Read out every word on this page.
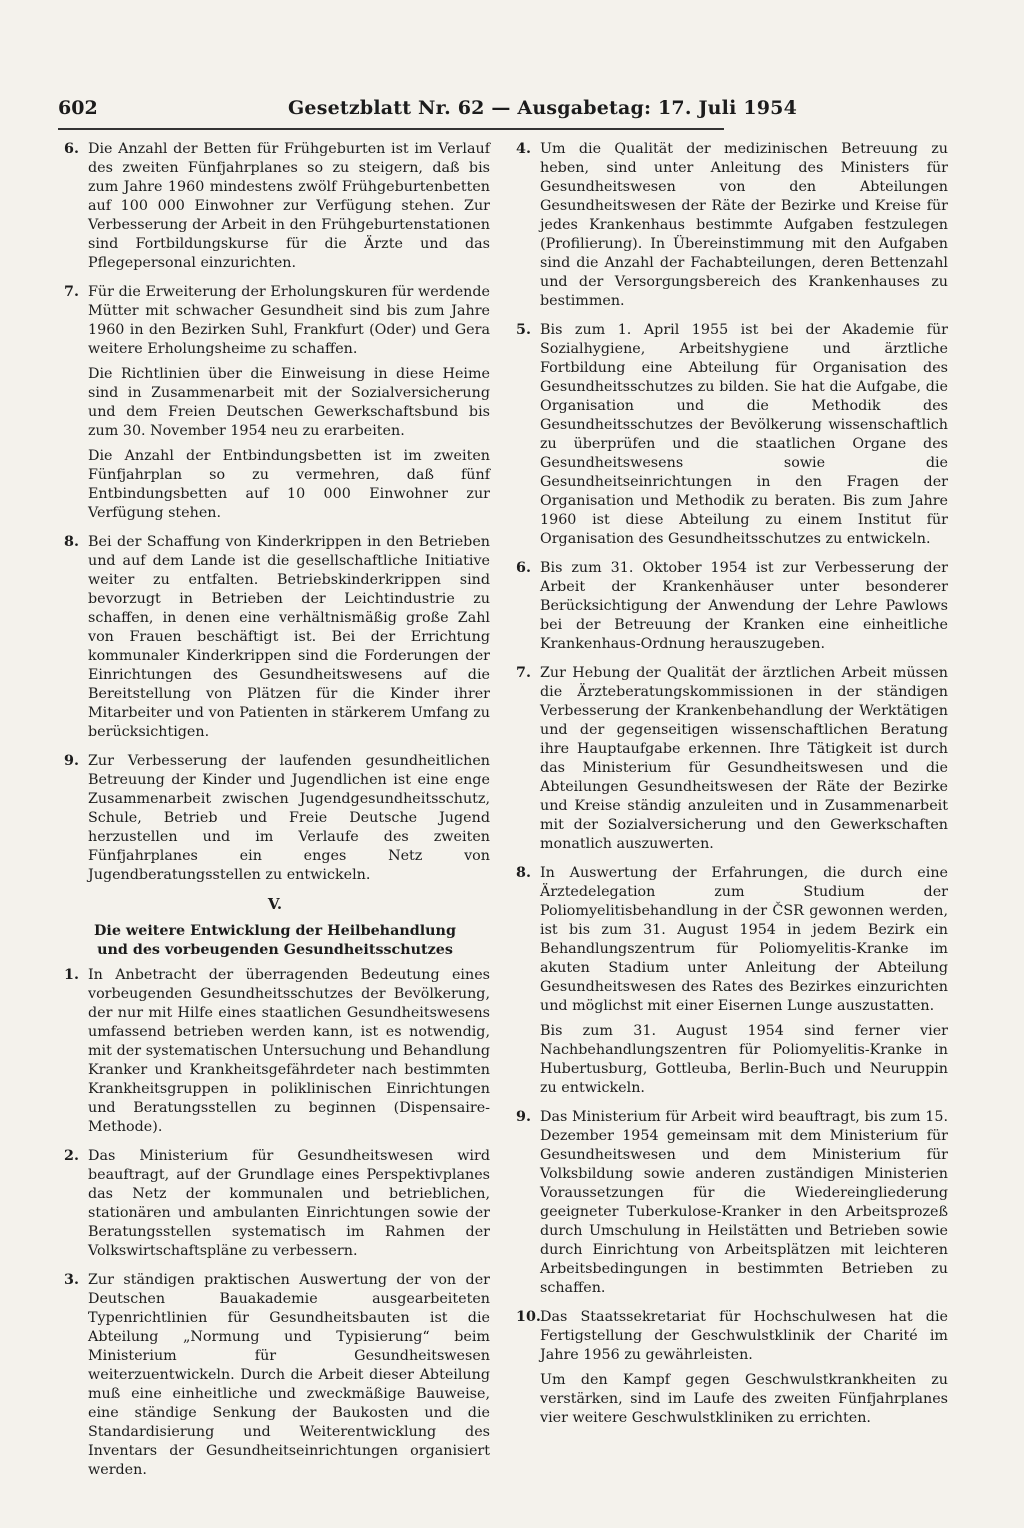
602	Gesetzblatt Nr. 62 — Ausgabetag: 17. Juli 1954
6. Die Anzahl der Betten für Frühgeburten ist im Verlauf des zweiten Fünfjahrplanes so zu steigern, daß bis zum Jahre 1960 mindestens zwölf Frühgeburtenbetten auf 100 000 Einwohner zur Verfügung stehen. Zur Verbesserung der Arbeit in den Frühgeburtenstationen sind Fortbildungskurse für die Ärzte und das Pflegepersonal einzurichten.

7. Für die Erweiterung der Erholungskuren für werdende Mütter mit schwacher Gesundheit sind bis zum Jahre 1960 in den Bezirken Suhl, Frankfurt (Oder) und Gera weitere Erholungsheime zu schaffen.

Die Richtlinien über die Einweisung in diese Heime sind in Zusammenarbeit mit der Sozialversicherung und dem Freien Deutschen Gewerkschaftsbund bis zum 30. November 1954 neu zu erarbeiten.

Die Anzahl der Entbindungsbetten ist im zweiten Fünfjahrplan so zu vermehren, daß fünf Entbindungsbetten auf 10 000 Einwohner zur Verfügung stehen.

8. Bei der Schaffung von Kinderkrippen in den Betrieben und auf dem Lande ist die gesellschaftliche Initiative weiter zu entfalten. Betriebskinderkrippen sind bevorzugt in Betrieben der Leichtindustrie zu schaffen, in denen eine verhältnismäßig große Zahl von Frauen beschäftigt ist. Bei der Errichtung kommunaler Kinderkrippen sind die Forderungen der Einrichtungen des Gesundheitswesens auf die Bereitstellung von Plätzen für die Kinder ihrer Mitarbeiter und von Patienten in stärkerem Umfang zu berücksichtigen.

9. Zur Verbesserung der laufenden gesundheitlichen Betreuung der Kinder und Jugendlichen ist eine enge Zusammenarbeit zwischen Jugendgesundheitsschutz, Schule, Betrieb und Freie Deutsche Jugend herzustellen und im Verlaufe des zweiten Fünfjahrplanes ein enges Netz von Jugendberatungsstellen zu entwickeln.

V.
Die weitere Entwicklung der Heilbehandlung
und des vorbeugenden Gesundheitsschutzes
1. In Anbetracht der überragenden Bedeutung eines vorbeugenden Gesundheitsschutzes der Bevölkerung, der nur mit Hilfe eines staatlichen Gesundheitswesens umfassend betrieben werden kann, ist es notwendig, mit der systematischen Untersuchung und Behandlung Kranker und Krankheitsgefährdeter nach bestimmten Krankheitsgruppen in poliklinischen Einrichtungen und Beratungsstellen zu beginnen (Dispensaire-Methode).

2. Das Ministerium für Gesundheitswesen wird beauftragt, auf der Grundlage eines Perspektivplanes das Netz der kommunalen und betrieblichen, stationären und ambulanten Einrichtungen sowie der Beratungsstellen systematisch im Rahmen der Volkswirtschaftspläne zu verbessern.

3. Zur ständigen praktischen Auswertung der von der Deutschen Bauakademie ausgearbeiteten Typenrichtlinien für Gesundheitsbauten ist die Abteilung „Normung und Typisierung“ beim Ministerium für Gesundheitswesen weiterzuentwickeln. Durch die Arbeit dieser Abteilung muß eine einheitliche und zweckmäßige Bauweise, eine ständige Senkung der Baukosten und die Standardisierung und Weiterentwicklung des Inventars der Gesundheitseinrichtungen organisiert werden.

4. Um die Qualität der medizinischen Betreuung zu heben, sind unter Anleitung des Ministers für Gesundheitswesen von den Abteilungen Gesundheitswesen der Räte der Bezirke und Kreise für jedes Krankenhaus bestimmte Aufgaben festzulegen (Profilierung). In Übereinstimmung mit den Aufgaben sind die Anzahl der Fachabteilungen, deren Bettenzahl und der Versorgungsbereich des Krankenhauses zu bestimmen.

5. Bis zum 1. April 1955 ist bei der Akademie für Sozialhygiene, Arbeitshygiene und ärztliche Fortbildung eine Abteilung für Organisation des Gesundheitsschutzes zu bilden. Sie hat die Aufgabe, die Organisation und die Methodik des Gesundheitsschutzes der Bevölkerung wissenschaftlich zu überprüfen und die staatlichen Organe des Gesundheitswesens sowie die Gesundheitseinrichtungen in den Fragen der Organisation und Methodik zu beraten. Bis zum Jahre 1960 ist diese Abteilung zu einem Institut für Organisation des Gesundheitsschutzes zu entwickeln.

6. Bis zum 31. Oktober 1954 ist zur Verbesserung der Arbeit der Krankenhäuser unter besonderer Berücksichtigung der Anwendung der Lehre Pawlows bei der Betreuung der Kranken eine einheitliche Krankenhaus-Ordnung herauszugeben.

7. Zur Hebung der Qualität der ärztlichen Arbeit müssen die Ärzteberatungskommissionen in der ständigen Verbesserung der Krankenbehandlung der Werktätigen und der gegenseitigen wissenschaftlichen Beratung ihre Hauptaufgabe erkennen. Ihre Tätigkeit ist durch das Ministerium für Gesundheitswesen und die Abteilungen Gesundheitswesen der Räte der Bezirke und Kreise ständig anzuleiten und in Zusammenarbeit mit der Sozialversicherung und den Gewerkschaften monatlich auszuwerten.

8. In Auswertung der Erfahrungen, die durch eine Ärztedelegation zum Studium der Poliomyelitisbehandlung in der ČSR gewonnen werden, ist bis zum 31. August 1954 in jedem Bezirk ein Behandlungszentrum für Poliomyelitis-Kranke im akuten Stadium unter Anleitung der Abteilung Gesundheitswesen des Rates des Bezirkes einzurichten und möglichst mit einer Eisernen Lunge auszustatten.

Bis zum 31. August 1954 sind ferner vier Nachbehandlungszentren für Poliomyelitis-Kranke in Hubertusburg, Gottleuba, Berlin-Buch und Neuruppin zu entwickeln.

9. Das Ministerium für Arbeit wird beauftragt, bis zum 15. Dezember 1954 gemeinsam mit dem Ministerium für Gesundheitswesen und dem Ministerium für Volksbildung sowie anderen zuständigen Ministerien Voraussetzungen für die Wiedereingliederung geeigneter Tuberkulose-Kranker in den Arbeitsprozeß durch Umschulung in Heilstätten und Betrieben sowie durch Einrichtung von Arbeitsplätzen mit leichteren Arbeitsbedingungen in bestimmten Betrieben zu schaffen.

10. Das Staatssekretariat für Hochschulwesen hat die Fertigstellung der Geschwulstklinik der Charité im Jahre 1956 zu gewährleisten.

Um den Kampf gegen Geschwulstkrankheiten zu verstärken, sind im Laufe des zweiten Fünfjahrplanes vier weitere Geschwulstkliniken zu errichten.
